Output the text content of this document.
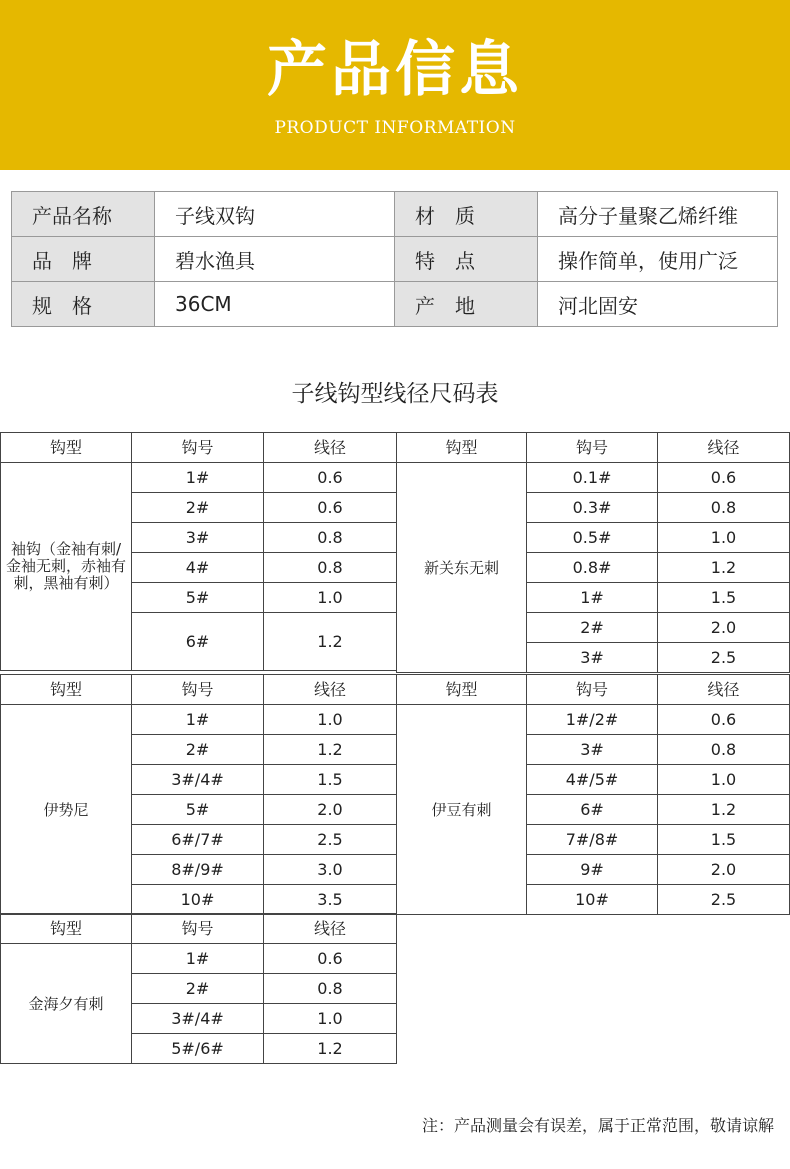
产品信息
PRODUCT INFORMATION
产品名称	子线双钩	材　质	高分子量聚乙烯纤维
品　牌	碧水渔具	特　点	操作简单，使用广泛
规　格	36CM	产　地	河北固安
子线钩型线径尺码表
钩型	钩号	线径

袖钩（金袖有刺/金袖无刺，赤袖有刺，黑袖有刺）	1#	0.6
	2#	0.6
	3#	0.8
	4#	0.8
	5#	1.0
	6#	1.2
钩型	钩号	线径
新关东无刺	0.1#	0.6
	0.3#	0.8
	0.5#	1.0
	0.8#	1.2
	1#	1.5
	2#	2.0
	3#	2.5
钩型	钩号	线径
伊势尼	1#	1.0
	2#	1.2
	3#/4#	1.5
	5#	2.0
	6#/7#	2.5
	8#/9#	3.0
	10#	3.5
钩型	钩号	线径
伊豆有刺	1#/2#	0.6
	3#	0.8
	4#/5#	1.0
	6#	1.2
	7#/8#	1.5
	9#	2.0
	10#	2.5
钩型	钩号	线径
金海夕有刺	1#	0.6
	2#	0.8
	3#/4#	1.0
	5#/6#	1.2
注：产品测量会有误差，属于正常范围，敬请谅解
